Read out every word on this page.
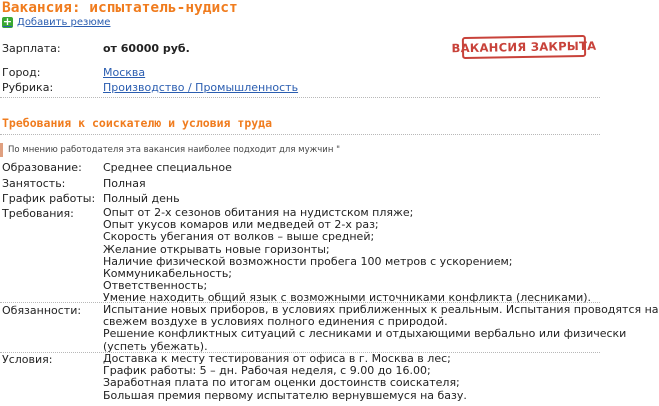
Вакансия: испытатель-нудист
+ Добавить резюме
Зарплата:	от 60000 руб.	ВАКАНСИЯ ЗАКРЫТА
Город:	Москва
Рубрика:	Производство / Промышленность
Требования к соискателю и условия труда
По мнению работодателя эта вакансия наиболее подходит для мужчин "
Образование: Среднее специальное
Занятость:	Полная
График работы: Полный день
Требования:	Опыт от 2-х сезонов обитания на нудистском пляже;
Опыт укусов комаров или медведей от 2-х раз;
Скорость убегания от волков – выше средней;
Желание открывать новые горизонты;
Наличие физической возможности пробега 100 метров с ускорением;
Коммуникабельность;
Ответственность;
Умение находить общий язык с возможными источниками конфликта (лесниками).
Обязанности: Испытание новых приборов, в условиях приближенных к реальным. Испытания проводятся на
свежем воздухе в условиях полного единения с природой.
Решение конфликтных ситуаций с лесниками и отдыхающими вербально или физически
(успеть убежать).
Условия:	Доставка к месту тестирования от офиса в г. Москва в лес;
График работы: 5 – дн. Рабочая неделя, с 9.00 до 16.00;
Заработная плата по итогам оценки достоинств соискателя;
Большая премия первому испытателю вернувшемуся на базу.
